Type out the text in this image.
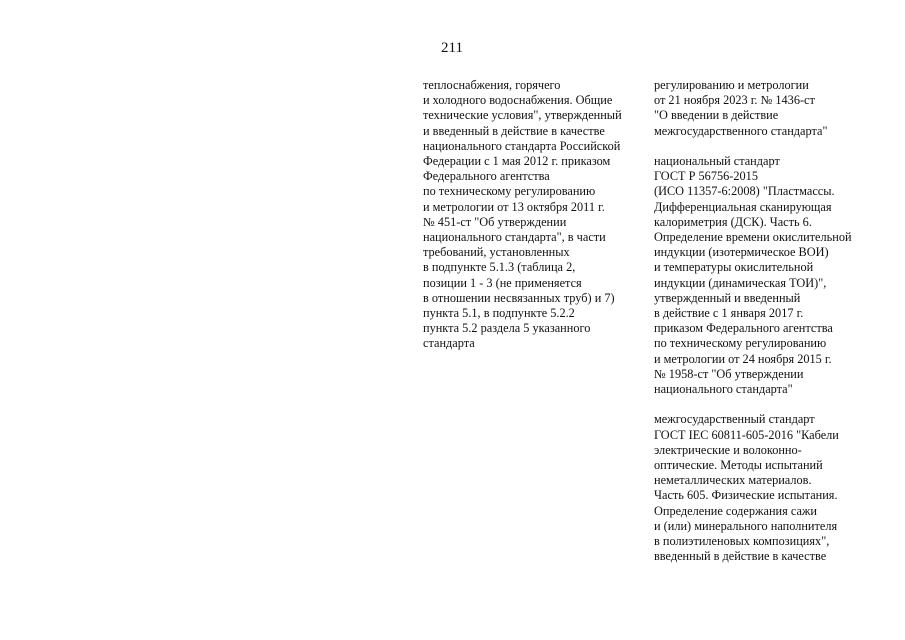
211
теплоснабжения, горячего
и холодного водоснабжения. Общие
технические условия", утвержденный
и введенный в действие в качестве
национального стандарта Российской
Федерации с 1 мая 2012 г. приказом
Федерального агентства
по техническому регулированию
и метрологии от 13 октября 2011 г.
№ 451-ст "Об утверждении
национального стандарта", в части
требований, установленных
в подпункте 5.1.3 (таблица 2,
позиции 1 - 3 (не применяется
в отношении несвязанных труб) и 7)
пункта 5.1, в подпункте 5.2.2
пункта 5.2 раздела 5 указанного
стандарта
регулированию и метрологии
от 21 ноября 2023 г. № 1436-ст
"О введении в действие
межгосударственного стандарта"
национальный стандарт
ГОСТ Р 56756-2015
(ИСО 11357-6:2008) "Пластмассы.
Дифференциальная сканирующая
калориметрия (ДСК). Часть 6.
Определение времени окислительной
индукции (изотермическое ВОИ)
и температуры окислительной
индукции (динамическая ТОИ)",
утвержденный и введенный
в действие с 1 января 2017 г.
приказом Федерального агентства
по техническому регулированию
и метрологии от 24 ноября 2015 г.
№ 1958-ст "Об утверждении
национального стандарта"
межгосударственный стандарт
ГОСТ IEC 60811-605-2016 "Кабели
электрические и волоконно-
оптические. Методы испытаний
неметаллических материалов.
Часть 605. Физические испытания.
Определение содержания сажи
и (или) минерального наполнителя
в полиэтиленовых композициях",
введенный в действие в качестве
